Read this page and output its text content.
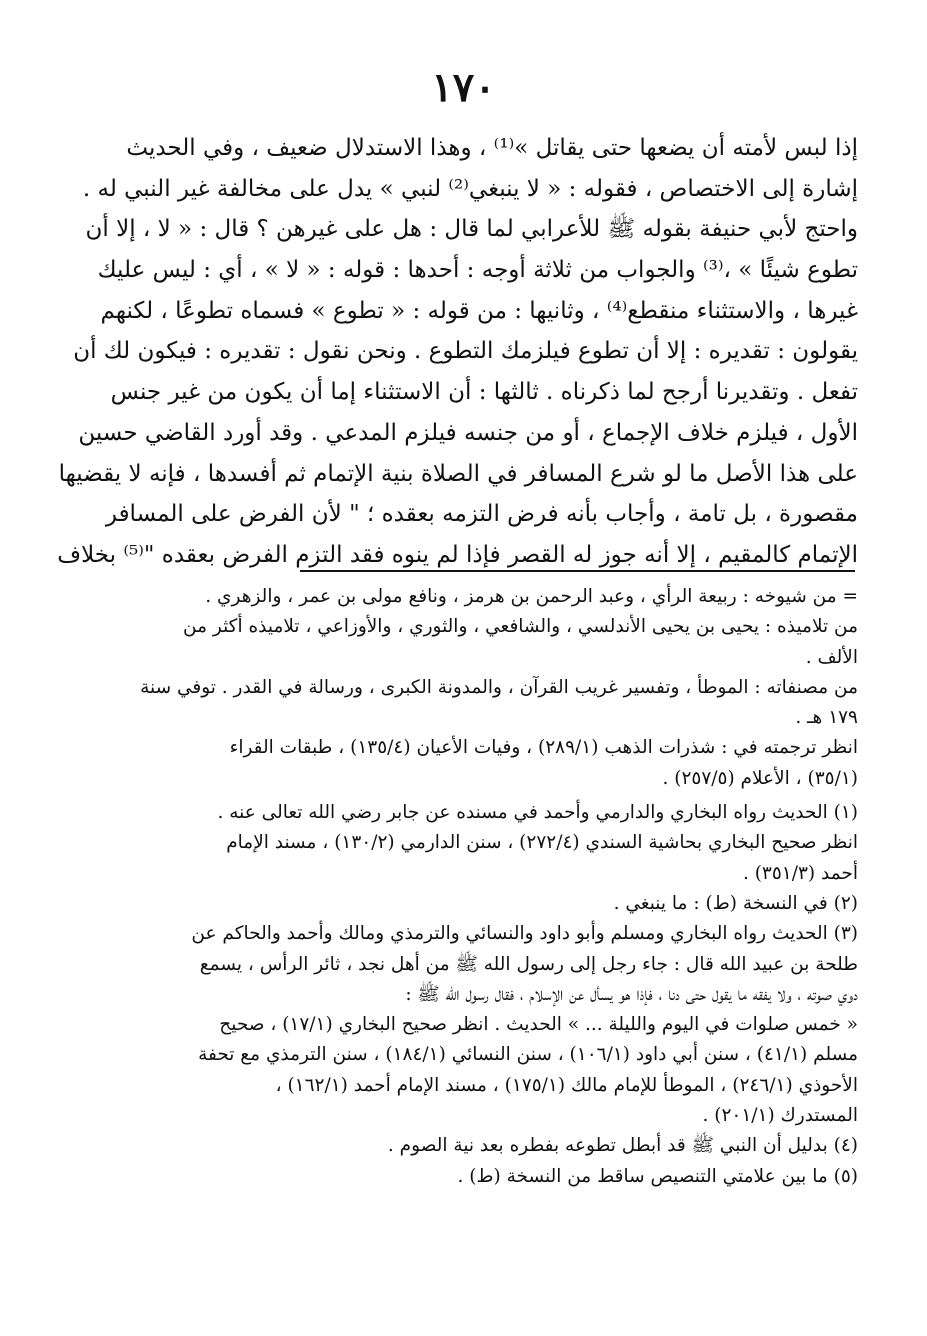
١٧٠
إذا لبس لأمته أن يضعها حتى يقاتل »⁽¹⁾ ، وهذا الاستدلال ضعيف ، وفي الحديث
إشارة إلى الاختصاص ، فقوله : « لا ينبغي⁽²⁾ لنبي » يدل على مخالفة غير النبي له .
واحتج لأبي حنيفة بقوله ﷺ للأعرابي لما قال : هل على غيرهن ؟ قال : « لا ، إلا أن
تطوع شيئًا » ،⁽³⁾ والجواب من ثلاثة أوجه : أحدها : قوله : « لا » ، أي : ليس عليك
غيرها ، والاستثناء منقطع⁽⁴⁾ ، وثانيها : من قوله : « تطوع » فسماه تطوعًا ، لكنهم
يقولون : تقديره : إلا أن تطوع فيلزمك التطوع . ونحن نقول : تقديره : فيكون لك أن
تفعل . وتقديرنا أرجح لما ذكرناه . ثالثها : أن الاستثناء إما أن يكون من غير جنس
الأول ، فيلزم خلاف الإجماع ، أو من جنسه فيلزم المدعي . وقد أورد القاضي حسين
على هذا الأصل ما لو شرع المسافر في الصلاة بنية الإتمام ثم أفسدها ، فإنه لا يقضيها
مقصورة ، بل تامة ، وأجاب بأنه فرض التزمه بعقده ؛ " لأن الفرض على المسافر
الإتمام كالمقيم ، إلا أنه جوز له القصر فإذا لم ينوه فقد التزم الفرض بعقده "⁽⁵⁾ بخلاف
= من شيوخه : ربيعة الرأي ، وعبد الرحمن بن هرمز ، ونافع مولى بن عمر ، والزهري .
من تلاميذه : يحيى بن يحيى الأندلسي ، والشافعي ، والثوري ، والأوزاعي ، تلاميذه أكثر من
الألف .
من مصنفاته : الموطأ ، وتفسير غريب القرآن ، والمدونة الكبرى ، ورسالة في القدر . توفي سنة
١٧٩ هـ .
انظر ترجمته في : شذرات الذهب (٢٨٩/١) ، وفيات الأعيان (١٣٥/٤) ، طبقات القراء
(٣٥/١) ، الأعلام (٢٥٧/٥) .
(١) الحديث رواه البخاري والدارمي وأحمد في مسنده عن جابر رضي الله تعالى عنه .
انظر صحيح البخاري بحاشية السندي (٢٧٢/٤) ، سنن الدارمي (١٣٠/٢) ، مسند الإمام
أحمد (٣٥١/٣) .
(٢) في النسخة (ط) : ما ينبغي .
(٣) الحديث رواه البخاري ومسلم وأبو داود والنسائي والترمذي ومالك وأحمد والحاكم عن
طلحة بن عبيد الله قال : جاء رجل إلى رسول الله ﷺ من أهل نجد ، ثائر الرأس ، يسمع
دوي صوته ، ولا يفقه ما يقول حتى دنا ، فإذا هو يسأل عن الإسلام ، فقال رسول الله ﷺ :
« خمس صلوات في اليوم والليلة ... » الحديث . انظر صحيح البخاري (١٧/١) ، صحيح
مسلم (٤١/١) ، سنن أبي داود (١٠٦/١) ، سنن النسائي (١٨٤/١) ، سنن الترمذي مع تحفة
الأحوذي (٢٤٦/١) ، الموطأ للإمام مالك (١٧٥/١) ، مسند الإمام أحمد (١٦٢/١) ،
المستدرك (٢٠١/١) .
(٤) بدليل أن النبي ﷺ قد أبطل تطوعه بفطره بعد نية الصوم .
(٥) ما بين علامتي التنصيص ساقط من النسخة (ط) .
